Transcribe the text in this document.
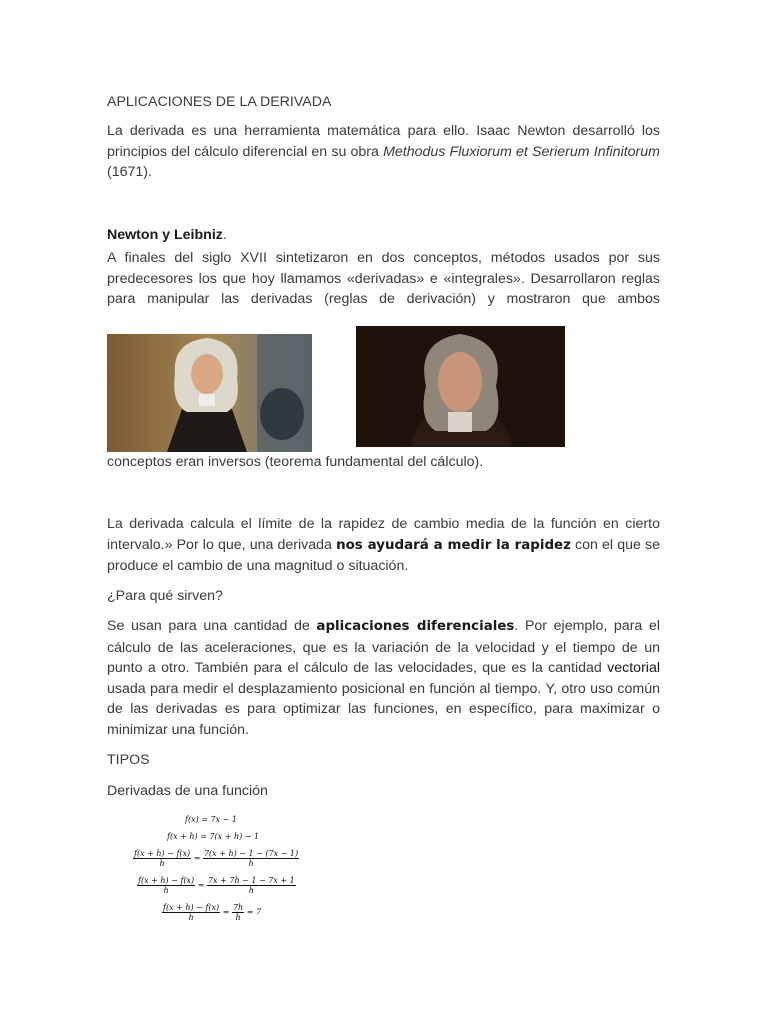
APLICACIONES DE LA DERIVADA
La derivada es una herramienta matemática para ello. Isaac Newton desarrolló los principios del cálculo diferencial en su obra Methodus Fluxiorum et Serierum Infinitorum (1671).
Newton y Leibniz.
A finales del siglo XVII sintetizaron en dos conceptos, métodos usados por sus predecesores los que hoy llamamos «derivadas» e «integrales». Desarrollaron reglas para manipular las derivadas (reglas de derivación) y mostraron que ambos
conceptos eran inversos (teorema fundamental del cálculo).
La derivada calcula el límite de la rapidez de cambio media de la función en cierto intervalo.» Por lo que, una derivada nos ayudará a medir la rapidez con el que se produce el cambio de una magnitud o situación.
¿Para qué sirven?
Se usan para una cantidad de aplicaciones diferenciales. Por ejemplo, para el cálculo de las aceleraciones, que es la variación de la velocidad y el tiempo de un punto a otro. También para el cálculo de las velocidades, que es la cantidad vectorial usada para medir el desplazamiento posicional en función al tiempo. Y, otro uso común de las derivadas es para optimizar las funciones, en específico, para maximizar o minimizar una función.
TIPOS
Derivadas de una función
f(x) = 7x − 1
f(x + h) = 7(x + h) − 1
$\frac{f(x + h) - f(x)}{h} = \frac{7(x + h) - 1 - (7x - 1)}{h}$
$\frac{f(x + h) - f(x)}{h} = \frac{7x + 7h - 1 - 7x + 1}{h}$
$\frac{f(x + h) - f(x)}{h} = \frac{7h}{h} = 7$
